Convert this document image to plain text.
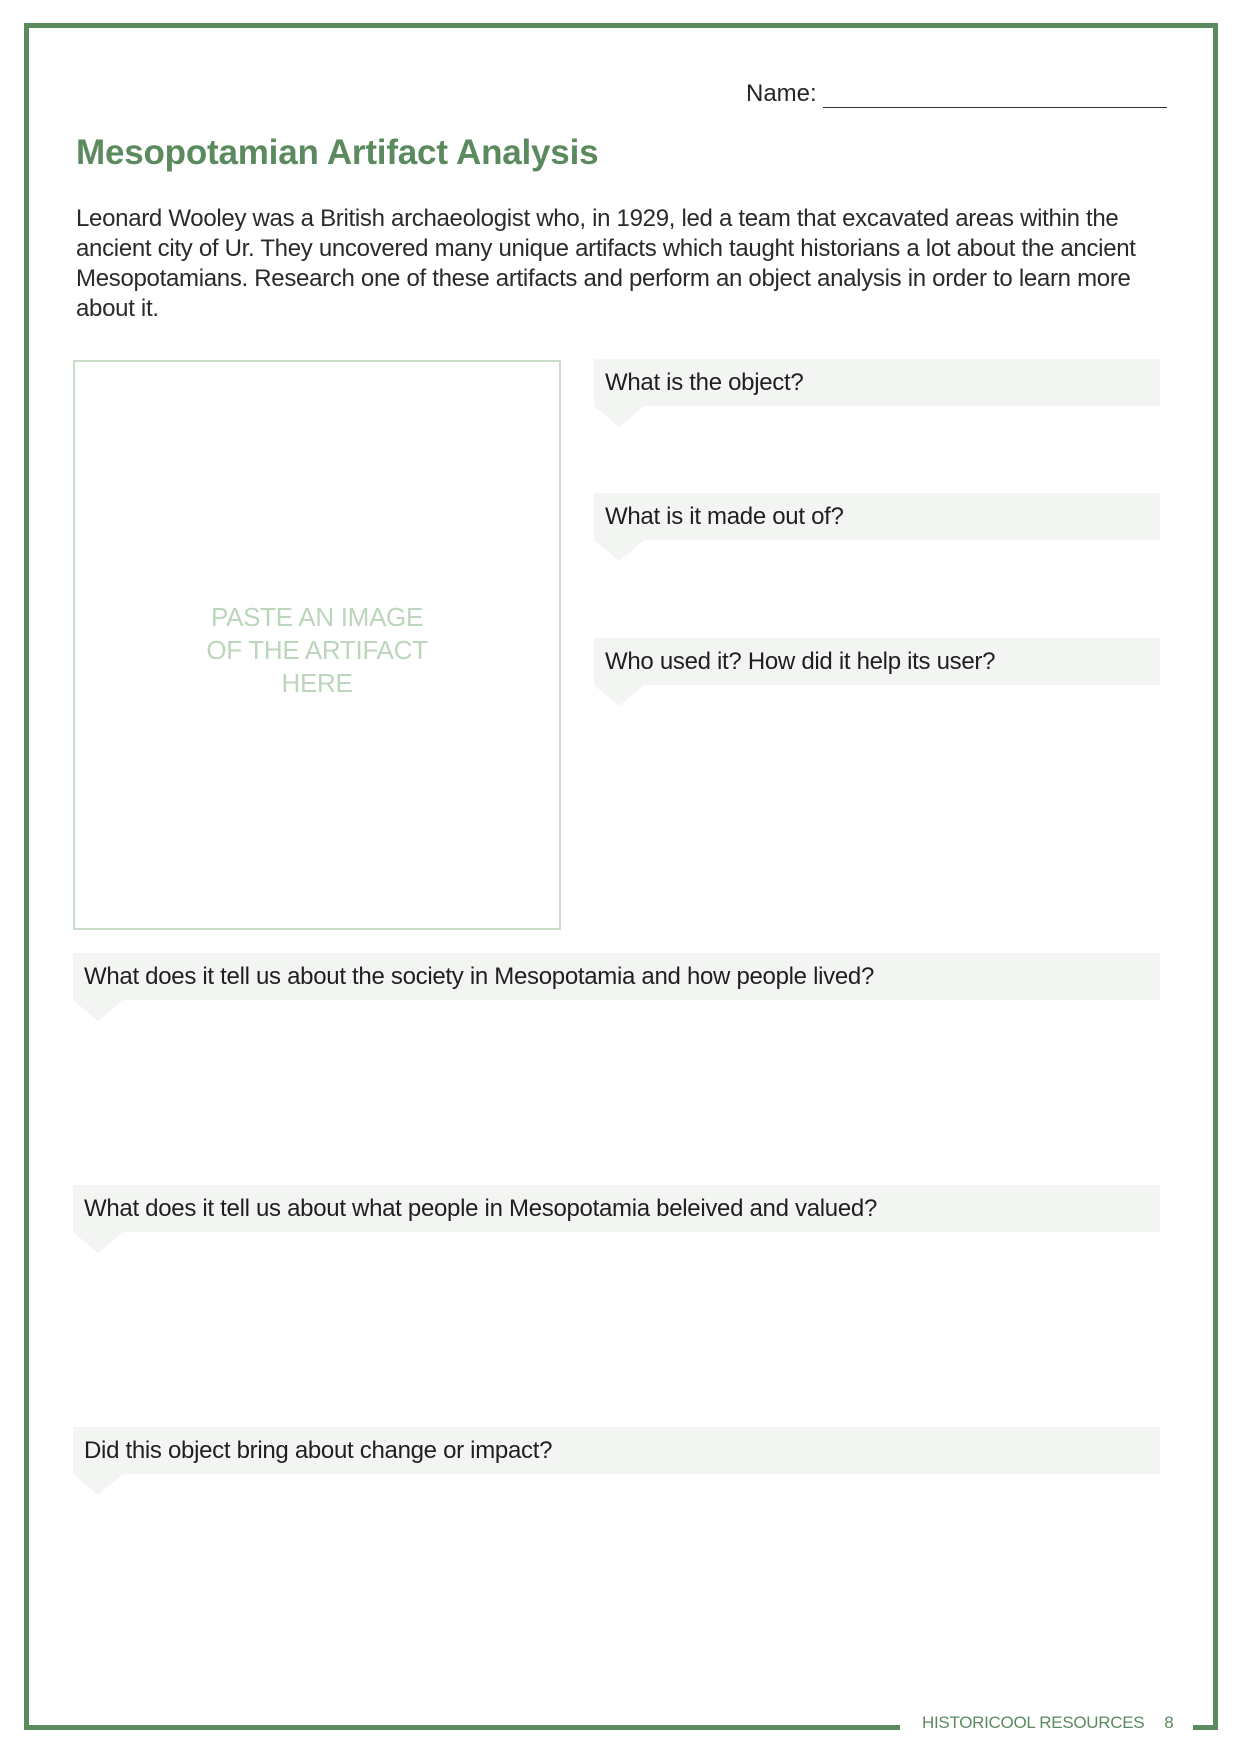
Name:
Mesopotamian Artifact Analysis

Leonard Wooley was a British archaeologist who, in 1929, led a team that excavated areas within the ancient city of Ur. They uncovered many unique artifacts which taught historians a lot about the ancient Mesopotamians. Research one of these artifacts and perform an object analysis in order to learn more about it.

PASTE AN IMAGE
OF THE ARTIFACT
HERE
What is the object?
What is it made out of?
Who used it? How did it help its user?
What does it tell us about the society in Mesopotamia and how people lived?
What does it tell us about what people in Mesopotamia beleived and valued?
Did this object bring about change or impact?
HISTORICOOL RESOURCES 8
